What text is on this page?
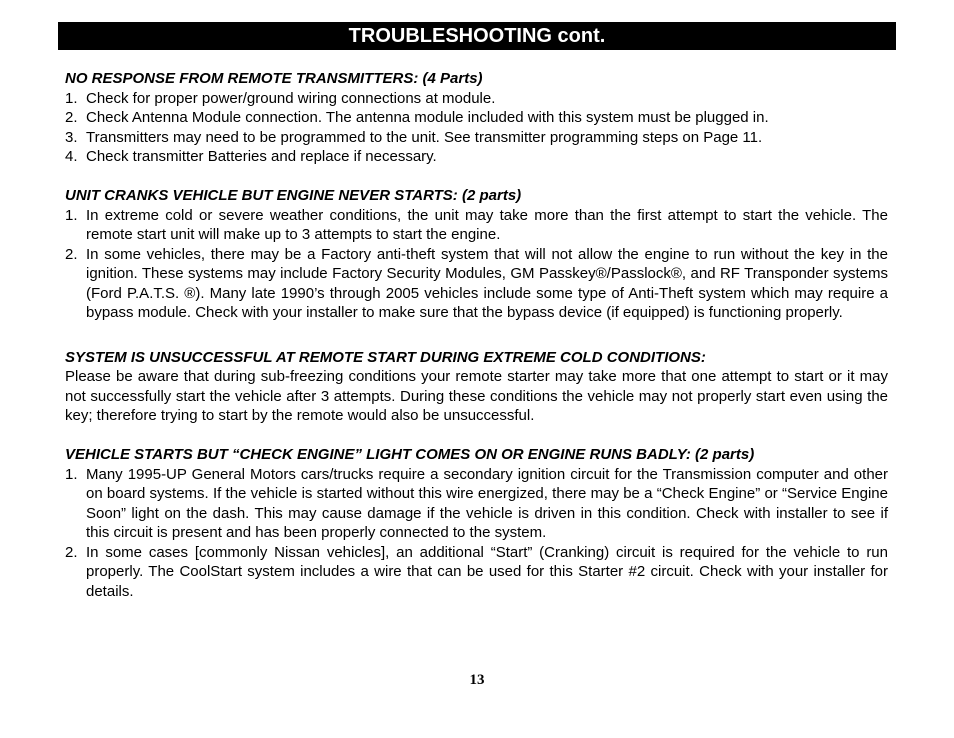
TROUBLESHOOTING cont.

NO RESPONSE FROM REMOTE TRANSMITTERS: (4 Parts)

1. Check for proper power/ground wiring connections at module.
2. Check Antenna Module connection. The antenna module included with this system must be plugged in.
3. Transmitters may need to be programmed to the unit. See transmitter programming steps on Page 11.
4. Check transmitter Batteries and replace if necessary.

UNIT CRANKS VEHICLE BUT ENGINE NEVER STARTS: (2 parts)

1. In extreme cold or severe weather conditions, the unit may take more than the first attempt to start the vehicle. The remote start unit will make up to 3 attempts to start the engine.
2. In some vehicles, there may be a Factory anti-theft system that will not allow the engine to run without the key in the ignition. These systems may include Factory Security Modules, GM Passkey®/Passlock®, and RF Transponder systems (Ford P.A.T.S. ®). Many late 1990’s through 2005 vehicles include some type of Anti-Theft system which may require a bypass module. Check with your installer to make sure that the bypass device (if equipped) is functioning properly.

SYSTEM IS UNSUCCESSFUL AT REMOTE START DURING EXTREME COLD CONDITIONS:

Please be aware that during sub-freezing conditions your remote starter may take more that one attempt to start or it may not successfully start the vehicle after 3 attempts. During these conditions the vehicle may not properly start even using the key; therefore trying to start by the remote would also be unsuccessful.

VEHICLE STARTS BUT “CHECK ENGINE” LIGHT COMES ON OR ENGINE RUNS BADLY: (2 parts)

1. Many 1995-UP General Motors cars/trucks require a secondary ignition circuit for the Transmission computer and other on board systems. If the vehicle is started without this wire energized, there may be a “Check Engine” or “Service Engine Soon” light on the dash. This may cause damage if the vehicle is driven in this condition. Check with installer to see if this circuit is present and has been properly connected to the system.
2. In some cases [commonly Nissan vehicles], an additional “Start” (Cranking) circuit is required for the vehicle to run properly. The CoolStart system includes a wire that can be used for this Starter #2 circuit. Check with your installer for details.
13
